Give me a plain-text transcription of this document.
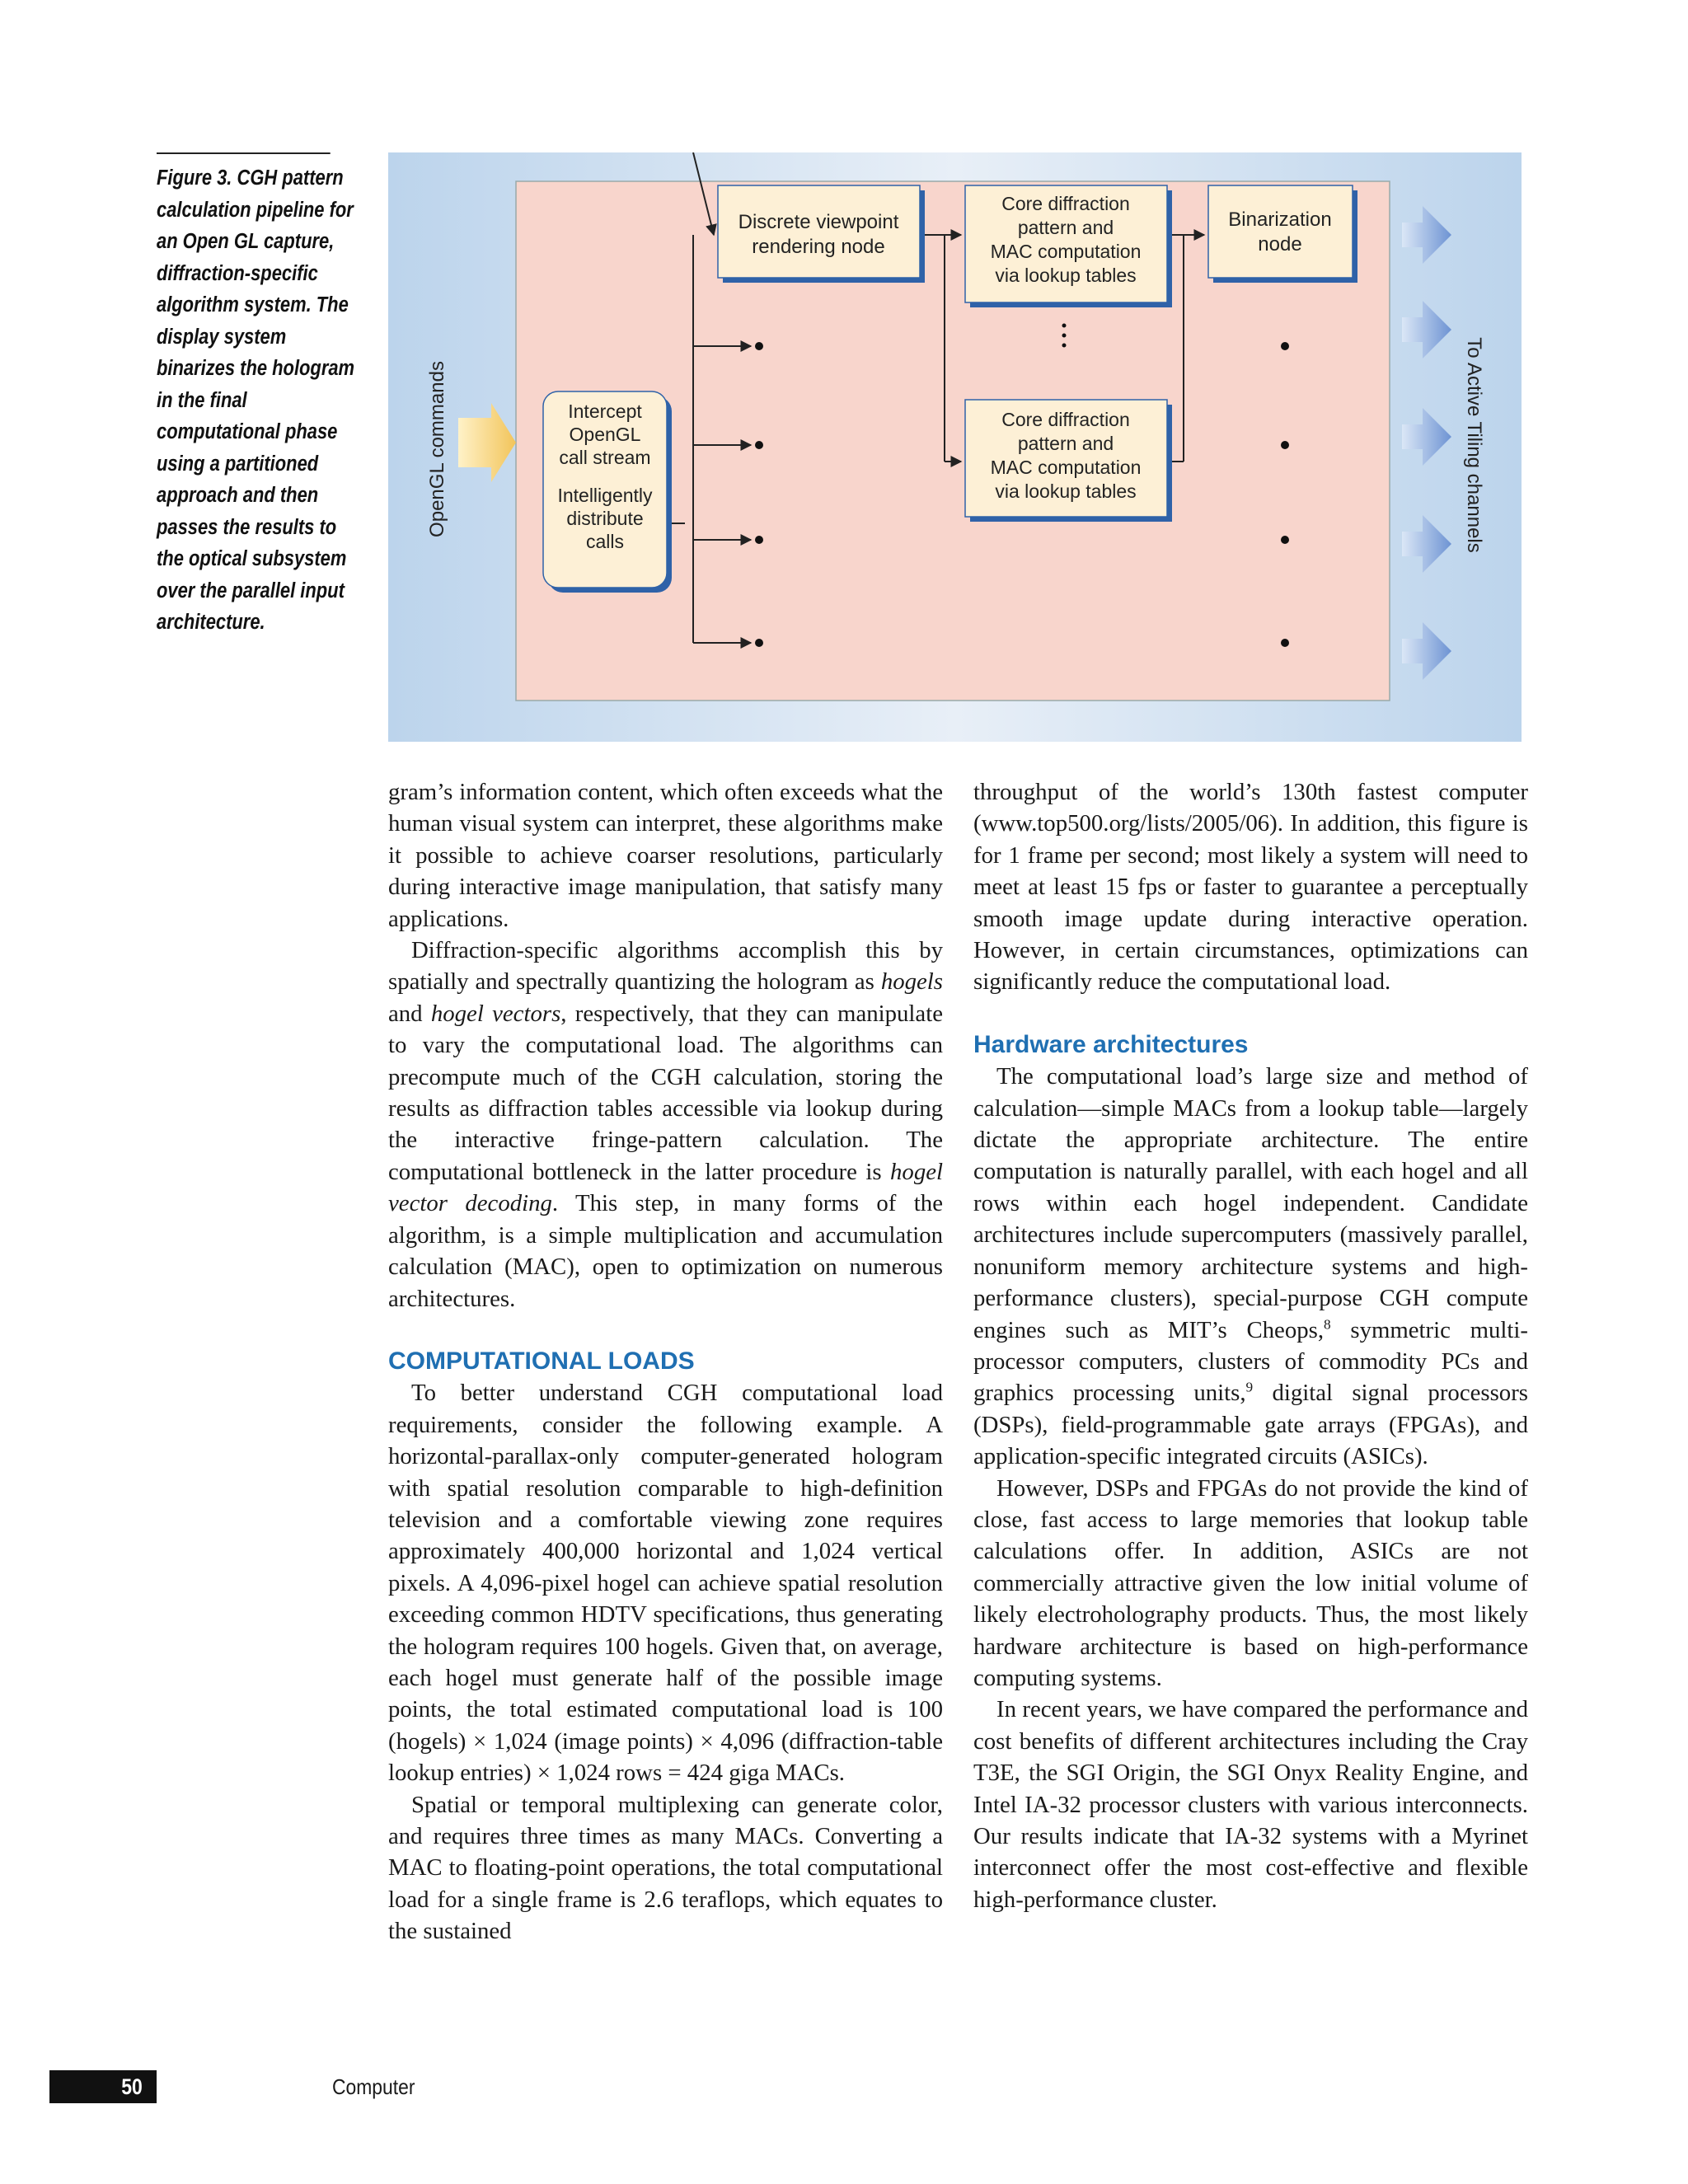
Figure 3. CGH pattern calculation pipeline for an Open GL capture, diffraction-specific algorithm system. The display system binarizes the hologram in the final computational phase using a partitioned approach and then passes the results to the optical subsystem over the parallel input architecture.
OpenGL commands	To Active Tiling channels
Intercept
OpenGL
call stream
Intelligently
distribute
calls
Discrete viewpoint
rendering node
Core diffraction
pattern and
MAC computation
via lookup tables
Core diffraction
pattern and
MAC computation
via lookup tables
Binarization
node

gram’s information content, which often exceeds what the human visual system can interpret, these algorithms make it possible to achieve coarser resolutions, particularly during interactive image manipulation, that satisfy many applications.

Diffraction-specific algorithms accomplish this by spatially and spectrally quantizing the hologram as hogels and hogel vectors, respectively, that they can manipulate to vary the computational load. The algorithms can precompute much of the CGH calculation, storing the results as diffraction tables accessible via lookup during the interactive fringe-pattern calculation. The computational bottleneck in the latter procedure is hogel vector decoding. This step, in many forms of the algorithm, is a simple multiplication and accumulation calculation (MAC), open to optimization on numerous architectures.

COMPUTATIONAL LOADS

To better understand CGH computational load requirements, consider the following example. A horizontal-parallax-only computer-generated hologram with spatial resolution comparable to high-definition television and a comfortable viewing zone requires approximately 400,000 horizontal and 1,024 vertical pixels. A 4,096-pixel hogel can achieve spatial resolution exceeding common HDTV specifications, thus generating the hologram requires 100 hogels. Given that, on average, each hogel must generate half of the possible image points, the total estimated computational load is 100 (hogels) × 1,024 (image points) × 4,096 (diffraction-table lookup entries) × 1,024 rows = 424 giga MACs.

Spatial or temporal multiplexing can generate color, and requires three times as many MACs. Converting a MAC to floating-point operations, the total computational load for a single frame is 2.6 teraflops, which equates to the sustained

throughput of the world’s 130th fastest computer (www.top500.org/lists/2005/06). In addition, this figure is for 1 frame per second; most likely a system will need to meet at least 15 fps or faster to guarantee a perceptually smooth image update during interactive operation. However, in certain circumstances, optimizations can significantly reduce the computational load.

Hardware architectures

The computational load’s large size and method of calculation—simple MACs from a lookup table—largely dictate the appropriate architecture. The entire computation is naturally parallel, with each hogel and all rows within each hogel independent. Candidate architectures include supercomputers (massively parallel, nonuniform memory architecture systems and high-performance clusters), special-purpose CGH compute engines such as MIT’s Cheops,$^8$ symmetric multiprocessor computers, clusters of commodity PCs and graphics processing units,$^9$ digital signal processors (DSPs), field-programmable gate arrays (FPGAs), and application-specific integrated circuits (ASICs).

However, DSPs and FPGAs do not provide the kind of close, fast access to large memories that lookup table calculations offer. In addition, ASICs are not commercially attractive given the low initial volume of likely electroholography products. Thus, the most likely hardware architecture is based on high-performance computing systems.

In recent years, we have compared the performance and cost benefits of different architectures including the Cray T3E, the SGI Origin, the SGI Onyx Reality Engine, and Intel IA-32 processor clusters with various interconnects. Our results indicate that IA-32 systems with a Myrinet interconnect offer the most cost-effective and flexible high-performance cluster.

50	Computer
